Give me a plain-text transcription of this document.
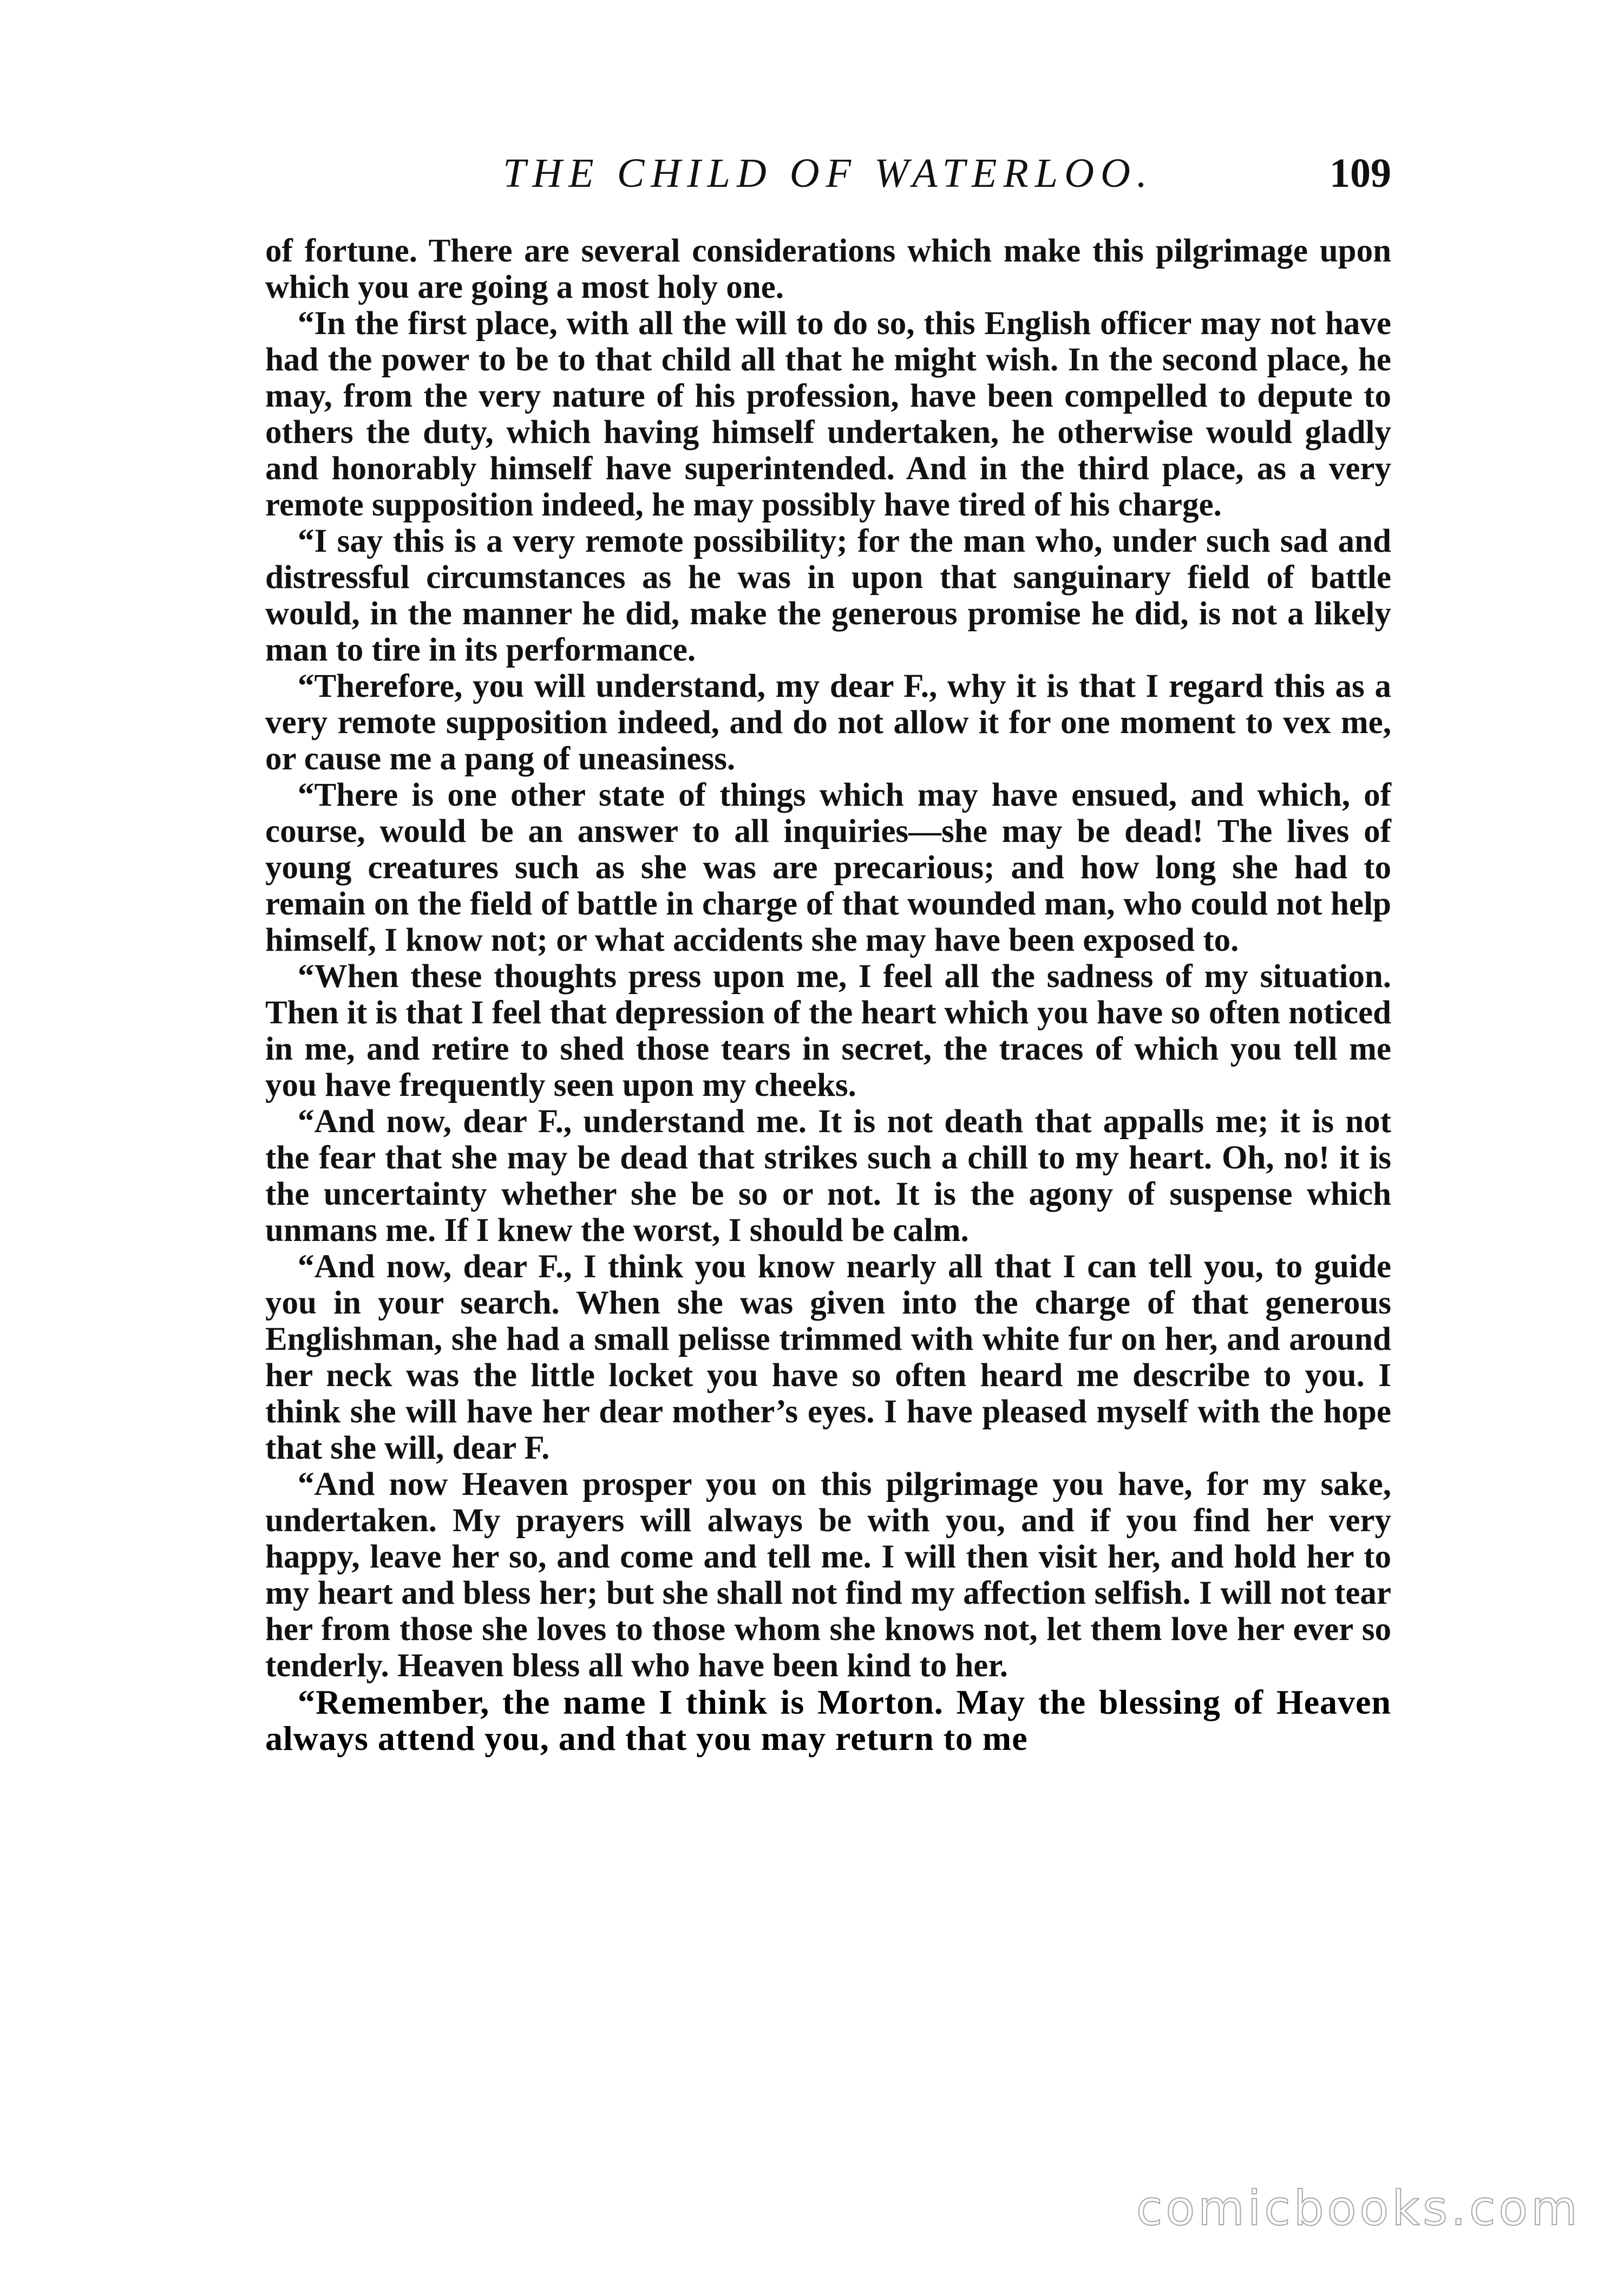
THE CHILD OF WATERLOO.	109

of fortune. There are several considerations which make this pilgrimage upon which you are going a most holy one.

“In the first place, with all the will to do so, this English officer may not have had the power to be to that child all that he might wish. In the second place, he may, from the very nature of his profession, have been compelled to depute to others the duty, which having himself undertaken, he otherwise would gladly and honorably himself have superintended. And in the third place, as a very remote supposition indeed, he may possibly have tired of his charge.

“I say this is a very remote possibility; for the man who, under such sad and distressful circumstances as he was in upon that sanguinary field of battle would, in the manner he did, make the generous promise he did, is not a likely man to tire in its performance.

“Therefore, you will understand, my dear F., why it is that I regard this as a very remote supposition indeed, and do not allow it for one moment to vex me, or cause me a pang of uneasiness.

“There is one other state of things which may have ensued, and which, of course, would be an answer to all inquiries—she may be dead! The lives of young creatures such as she was are precarious; and how long she had to remain on the field of battle in charge of that wounded man, who could not help himself, I know not; or what accidents she may have been exposed to.

“When these thoughts press upon me, I feel all the sadness of my situation. Then it is that I feel that depression of the heart which you have so often noticed in me, and retire to shed those tears in secret, the traces of which you tell me you have frequently seen upon my cheeks.

“And now, dear F., understand me. It is not death that appalls me; it is not the fear that she may be dead that strikes such a chill to my heart. Oh, no! it is the uncertainty whether she be so or not. It is the agony of suspense which unmans me. If I knew the worst, I should be calm.

“And now, dear F., I think you know nearly all that I can tell you, to guide you in your search. When she was given into the charge of that generous Englishman, she had a small pelisse trimmed with white fur on her, and around her neck was the little locket you have so often heard me describe to you. I think she will have her dear mother’s eyes. I have pleased myself with the hope that she will, dear F.

“And now Heaven prosper you on this pilgrimage you have, for my sake, undertaken. My prayers will always be with you, and if you find her very happy, leave her so, and come and tell me. I will then visit her, and hold her to my heart and bless her; but she shall not find my affection selfish. I will not tear her from those she loves to those whom she knows not, let them love her ever so tenderly. Heaven bless all who have been kind to her.

“Remember, the name I think is Morton. May the blessing of Heaven always attend you, and that you may return to me

comicbooks.com
